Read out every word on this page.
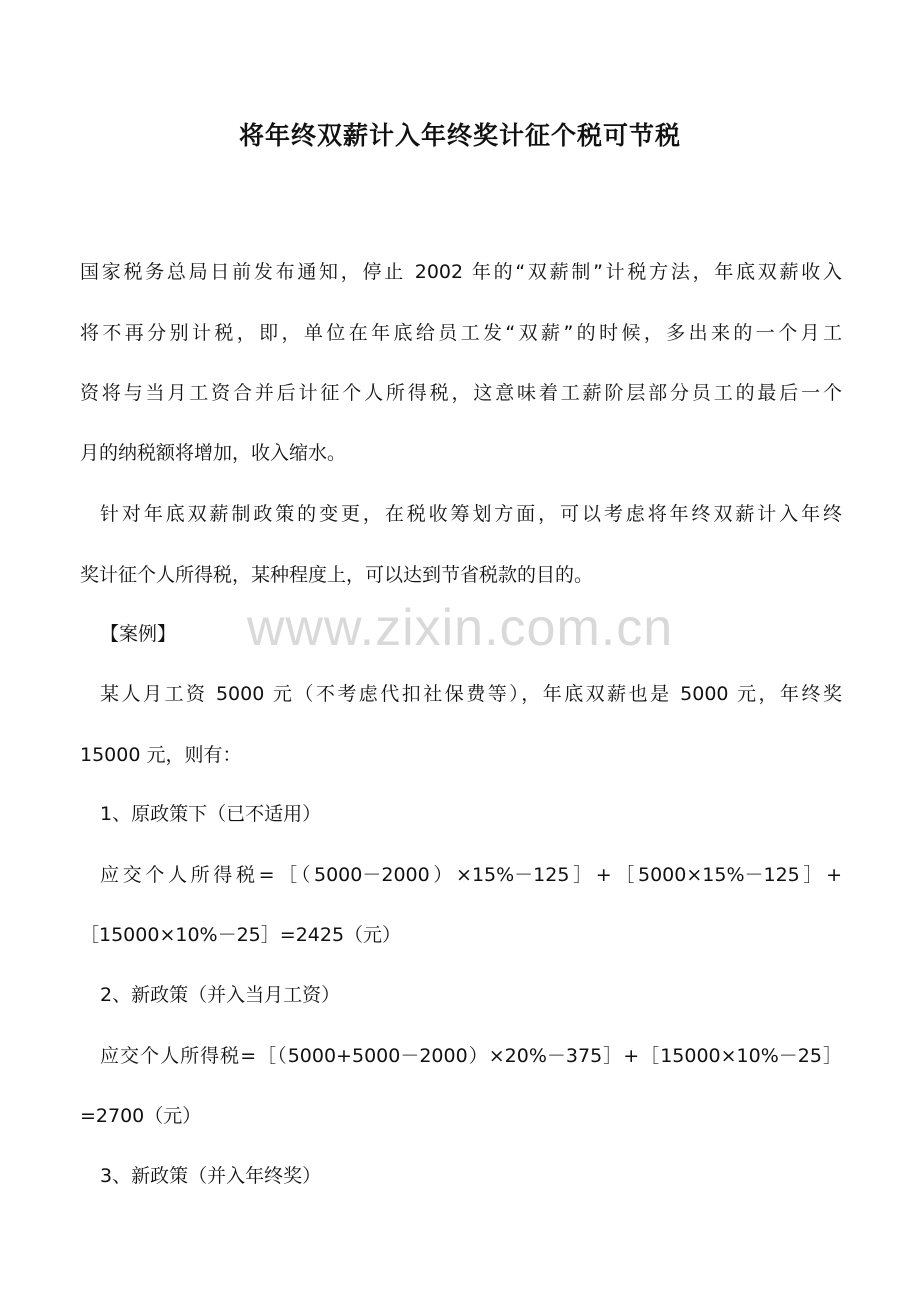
将年终双薪计入年终奖计征个税可节税
www.zixin.com.cn
国家税务总局日前发布通知，停止 2002 年的“双薪制”计税方法，年底双薪收入
将不再分别计税，即，单位在年底给员工发“双薪”的时候，多出来的一个月工
资将与当月工资合并后计征个人所得税，这意味着工薪阶层部分员工的最后一个
月的纳税额将增加，收入缩水。
针对年底双薪制政策的变更，在税收筹划方面，可以考虑将年终双薪计入年终
奖计征个人所得税，某种程度上，可以达到节省税款的目的。
【案例】
某人月工资 5000 元（不考虑代扣社保费等），年底双薪也是 5000 元，年终奖
15000 元，则有：
1、原政策下（已不适用）
应交个人所得税=［（5000－2000）×15%－125］+［5000×15%－125］+
［15000×10%－25］=2425（元）
2、新政策（并入当月工资）
应交个人所得税=［（5000+5000－2000）×20%－375］+［15000×10%－25］
=2700（元）
3、新政策（并入年终奖）
